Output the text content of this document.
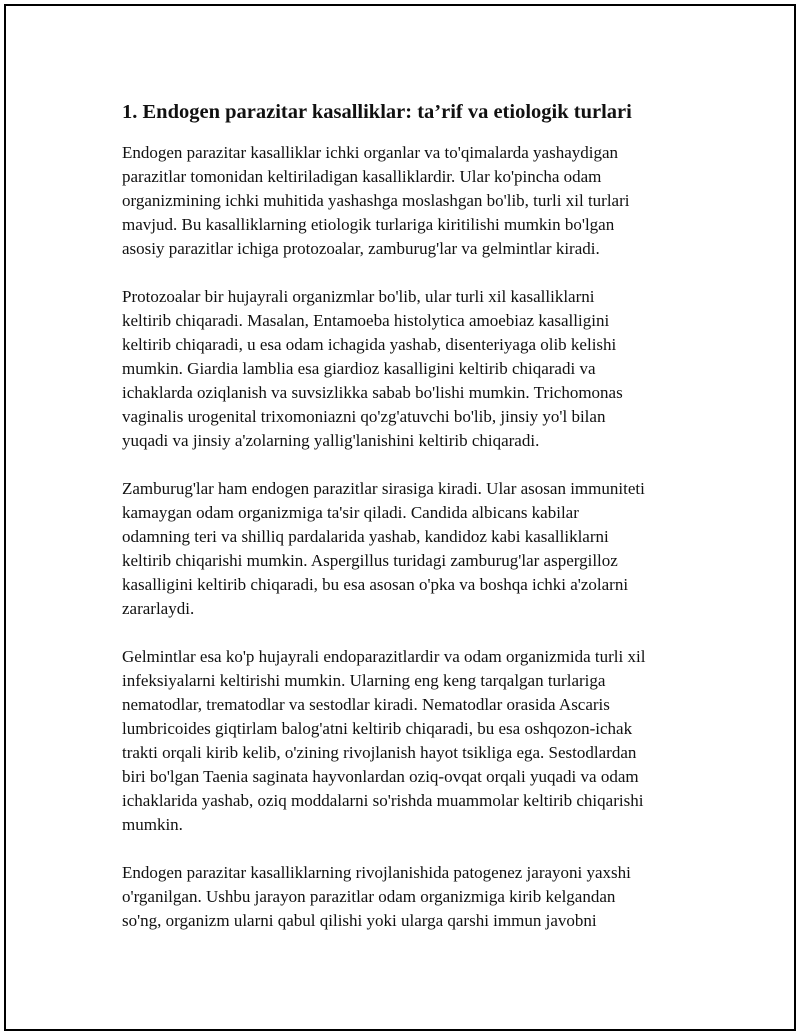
1. Endogen parazitar kasalliklar: ta’rif va etiologik turlari

Endogen parazitar kasalliklar ichki organlar va to'qimalarda yashaydigan
parazitlar tomonidan keltiriladigan kasalliklardir. Ular ko'pincha odam
organizmining ichki muhitida yashashga moslashgan bo'lib, turli xil turlari
mavjud. Bu kasalliklarning etiologik turlariga kiritilishi mumkin bo'lgan
asosiy parazitlar ichiga protozoalar, zamburug'lar va gelmintlar kiradi.

Protozoalar bir hujayrali organizmlar bo'lib, ular turli xil kasalliklarni
keltirib chiqaradi. Masalan, Entamoeba histolytica amoebiaz kasalligini
keltirib chiqaradi, u esa odam ichagida yashab, disenteriyaga olib kelishi
mumkin. Giardia lamblia esa giardioz kasalligini keltirib chiqaradi va
ichaklarda oziqlanish va suvsizlikka sabab bo'lishi mumkin. Trichomonas
vaginalis urogenital trixomoniazni qo'zg'atuvchi bo'lib, jinsiy yo'l bilan
yuqadi va jinsiy a'zolarning yallig'lanishini keltirib chiqaradi.

Zamburug'lar ham endogen parazitlar sirasiga kiradi. Ular asosan immuniteti
kamaygan odam organizmiga ta'sir qiladi. Candida albicans kabilar
odamning teri va shilliq pardalarida yashab, kandidoz kabi kasalliklarni
keltirib chiqarishi mumkin. Aspergillus turidagi zamburug'lar aspergilloz
kasalligini keltirib chiqaradi, bu esa asosan o'pka va boshqa ichki a'zolarni
zararlaydi.

Gelmintlar esa ko'p hujayrali endoparazitlardir va odam organizmida turli xil
infeksiyalarni keltirishi mumkin. Ularning eng keng tarqalgan turlariga
nematodlar, trematodlar va sestodlar kiradi. Nematodlar orasida Ascaris
lumbricoides giqtirlam balog'atni keltirib chiqaradi, bu esa oshqozon-ichak
trakti orqali kirib kelib, o'zining rivojlanish hayot tsikliga ega. Sestodlardan
biri bo'lgan Taenia saginata hayvonlardan oziq-ovqat orqali yuqadi va odam
ichaklarida yashab, oziq moddalarni so'rishda muammolar keltirib chiqarishi
mumkin.

Endogen parazitar kasalliklarning rivojlanishida patogenez jarayoni yaxshi
o'rganilgan. Ushbu jarayon parazitlar odam organizmiga kirib kelgandan
so'ng, organizm ularni qabul qilishi yoki ularga qarshi immun javobni
